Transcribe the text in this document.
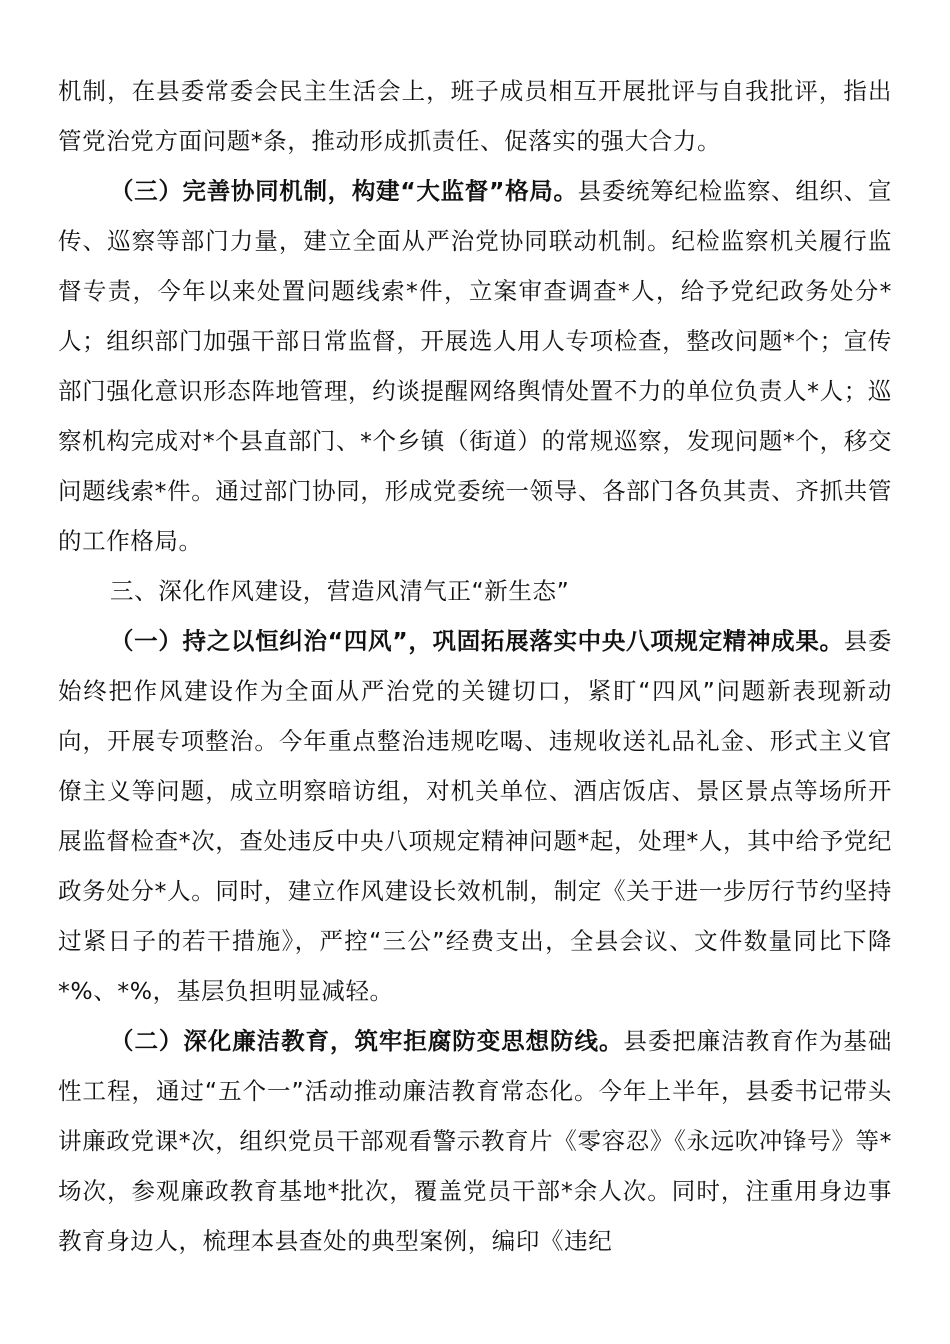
机制，在县委常委会民主生活会上，班子成员相互开展批评与自我批评，指出管党治党方面问题*条，推动形成抓责任、促落实的强大合力。

（三）完善协同机制，构建“大监督”格局。县委统筹纪检监察、组织、宣传、巡察等部门力量，建立全面从严治党协同联动机制。纪检监察机关履行监督专责，今年以来处置问题线索*件，立案审查调查*人，给予党纪政务处分*人；组织部门加强干部日常监督，开展选人用人专项检查，整改问题*个；宣传部门强化意识形态阵地管理，约谈提醒网络舆情处置不力的单位负责人*人；巡察机构完成对*个县直部门、*个乡镇（街道）的常规巡察，发现问题*个，移交问题线索*件。通过部门协同，形成党委统一领导、各部门各负其责、齐抓共管的工作格局。

三、深化作风建设，营造风清气正“新生态”

（一）持之以恒纠治“四风”，巩固拓展落实中央八项规定精神成果。县委始终把作风建设作为全面从严治党的关键切口，紧盯“四风”问题新表现新动向，开展专项整治。今年重点整治违规吃喝、违规收送礼品礼金、形式主义官僚主义等问题，成立明察暗访组，对机关单位、酒店饭店、景区景点等场所开展监督检查*次，查处违反中央八项规定精神问题*起，处理*人，其中给予党纪政务处分*人。同时，建立作风建设长效机制，制定《关于进一步厉行节约坚持过紧日子的若干措施》，严控“三公”经费支出，全县会议、文件数量同比下降*%、*%，基层负担明显减轻。

（二）深化廉洁教育，筑牢拒腐防变思想防线。县委把廉洁教育作为基础性工程，通过“五个一”活动推动廉洁教育常态化。今年上半年，县委书记带头讲廉政党课*次，组织党员干部观看警示教育片《零容忍》《永远吹冲锋号》等*场次，参观廉政教育基地*批次，覆盖党员干部*余人次。同时，注重用身边事教育身边人，梳理本县查处的典型案例，编印《违纪
